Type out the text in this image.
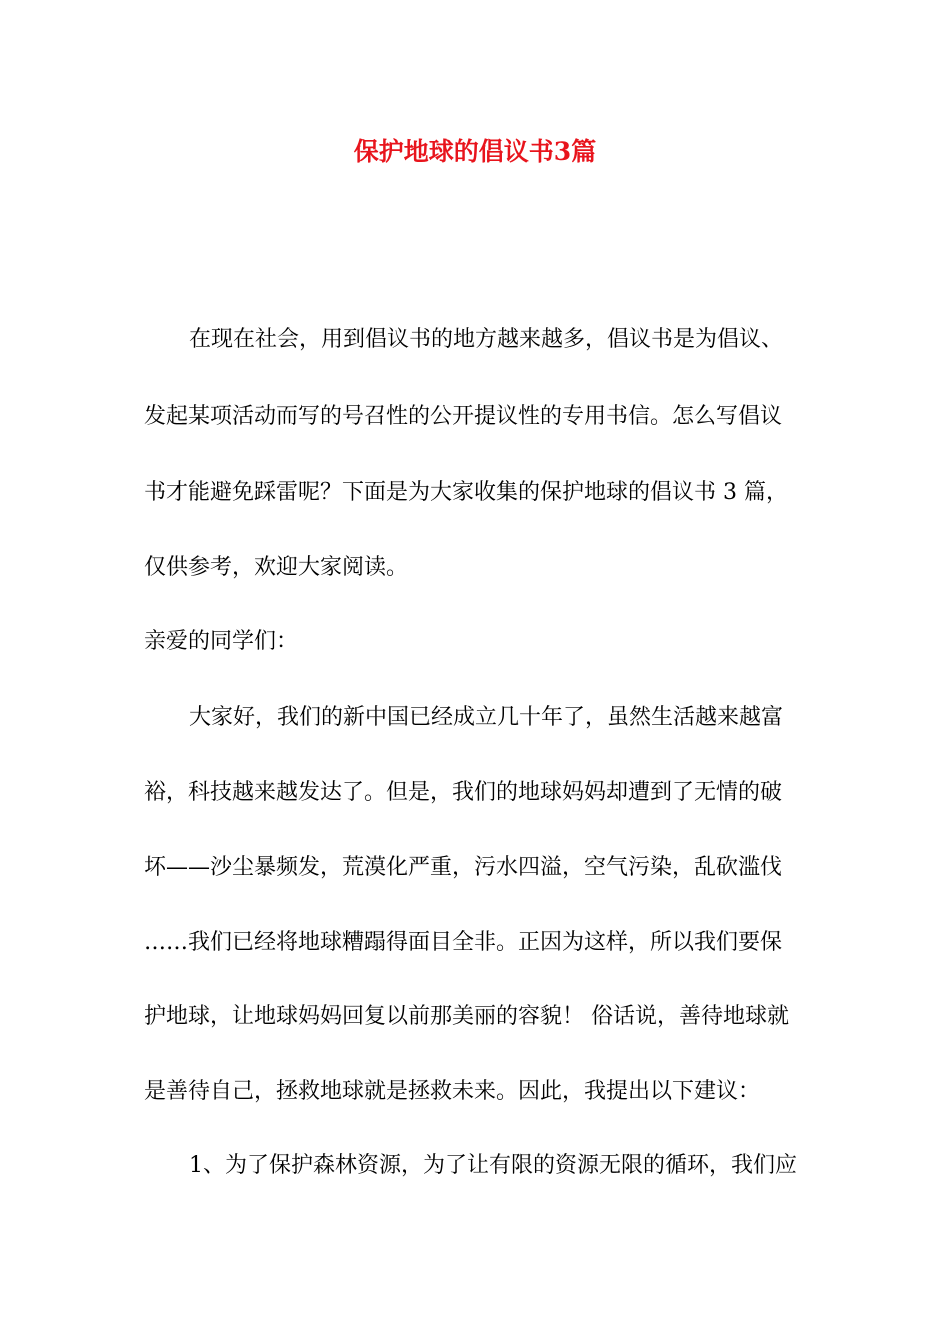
保护地球的倡议书3篇

在现在社会，用到倡议书的地方越来越多，倡议书是为倡议、

发起某项活动而写的号召性的公开提议性的专用书信。怎么写倡议

书才能避免踩雷呢？下面是为大家收集的保护地球的倡议书 3 篇，

仅供参考，欢迎大家阅读。

亲爱的同学们：

大家好，我们的新中国已经成立几十年了，虽然生活越来越富

裕，科技越来越发达了。但是，我们的地球妈妈却遭到了无情的破

坏——沙尘暴频发，荒漠化严重，污水四溢，空气污染，乱砍滥伐

……我们已经将地球糟蹋得面目全非。正因为这样，所以我们要保

护地球，让地球妈妈回复以前那美丽的容貌！ 俗话说，善待地球就

是善待自己，拯救地球就是拯救未来。因此，我提出以下建议：

1、为了保护森林资源，为了让有限的资源无限的循环，我们应
